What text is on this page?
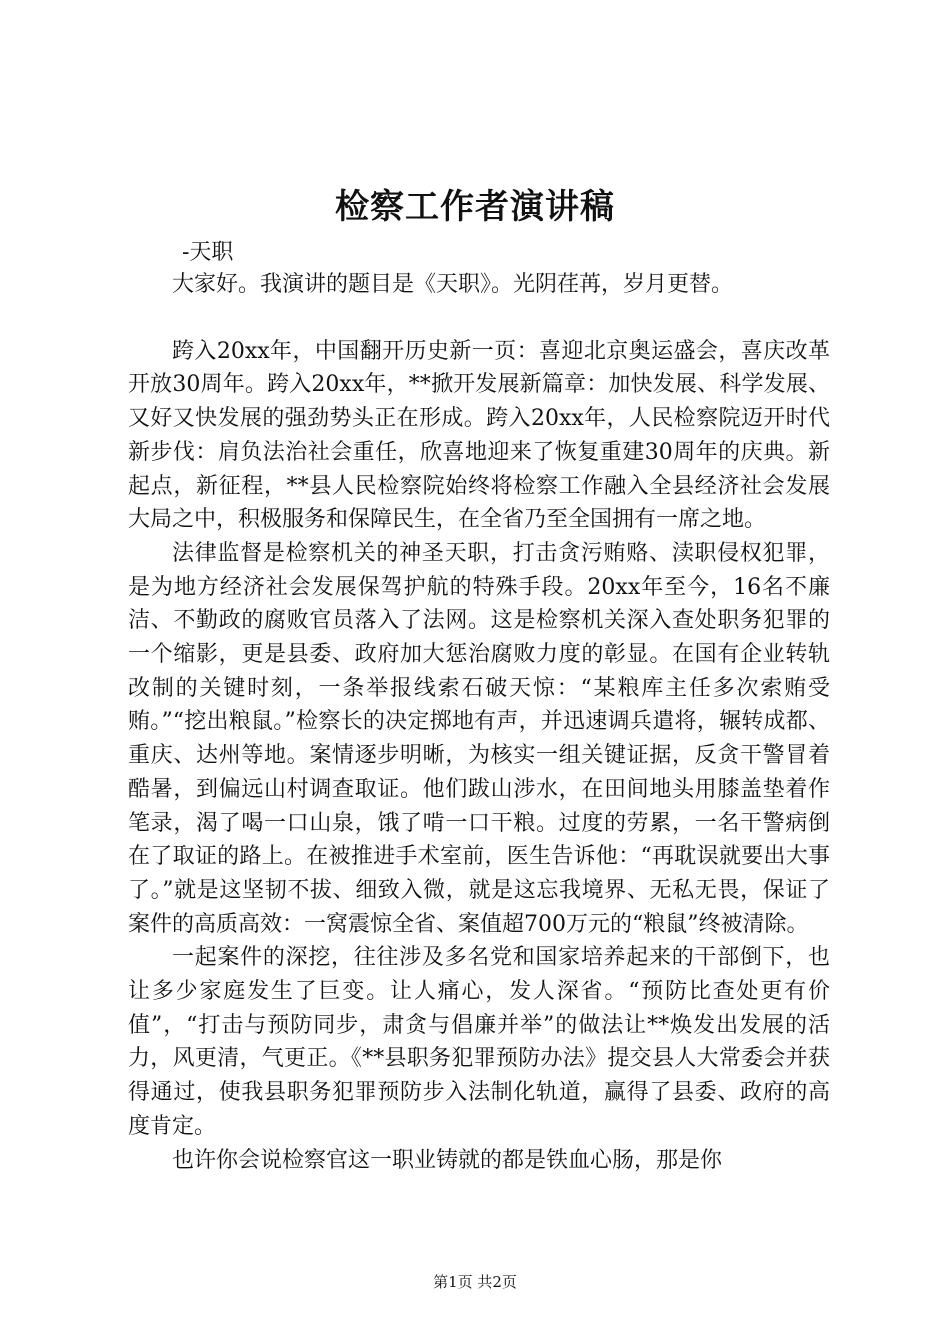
检察工作者演讲稿
-天职

大家好。我演讲的题目是《天职》。光阴荏苒，岁月更替。

跨入20xx年，中国翻开历史新一页：喜迎北京奥运盛会，喜庆改革开放30周年。跨入20xx年，**掀开发展新篇章：加快发展、科学发展、又好又快发展的强劲势头正在形成。跨入20xx年，人民检察院迈开时代新步伐：肩负法治社会重任，欣喜地迎来了恢复重建30周年的庆典。新起点，新征程，**县人民检察院始终将检察工作融入全县经济社会发展大局之中，积极服务和保障民生，在全省乃至全国拥有一席之地。

法律监督是检察机关的神圣天职，打击贪污贿赂、渎职侵权犯罪，是为地方经济社会发展保驾护航的特殊手段。20xx年至今，16名不廉洁、不勤政的腐败官员落入了法网。这是检察机关深入查处职务犯罪的一个缩影，更是县委、政府加大惩治腐败力度的彰显。在国有企业转轨改制的关键时刻，一条举报线索石破天惊：“某粮库主任多次索贿受贿。”“挖出粮鼠。”检察长的决定掷地有声，并迅速调兵遣将，辗转成都、重庆、达州等地。案情逐步明晰，为核实一组关键证据，反贪干警冒着酷暑，到偏远山村调查取证。他们跋山涉水，在田间地头用膝盖垫着作笔录，渴了喝一口山泉，饿了啃一口干粮。过度的劳累，一名干警病倒在了取证的路上。在被推进手术室前，医生告诉他：“再耽误就要出大事了。”就是这坚韧不拔、细致入微，就是这忘我境界、无私无畏，保证了案件的高质高效：一窝震惊全省、案值超700万元的“粮鼠”终被清除。

一起案件的深挖，往往涉及多名党和国家培养起来的干部倒下，也让多少家庭发生了巨变。让人痛心，发人深省。“预防比查处更有价值”，“打击与预防同步，肃贪与倡廉并举”的做法让**焕发出发展的活力，风更清，气更正。《**县职务犯罪预防办法》提交县人大常委会并获得通过，使我县职务犯罪预防步入法制化轨道，赢得了县委、政府的高度肯定。

也许你会说检察官这一职业铸就的都是铁血心肠，那是你

第1页 共2页
